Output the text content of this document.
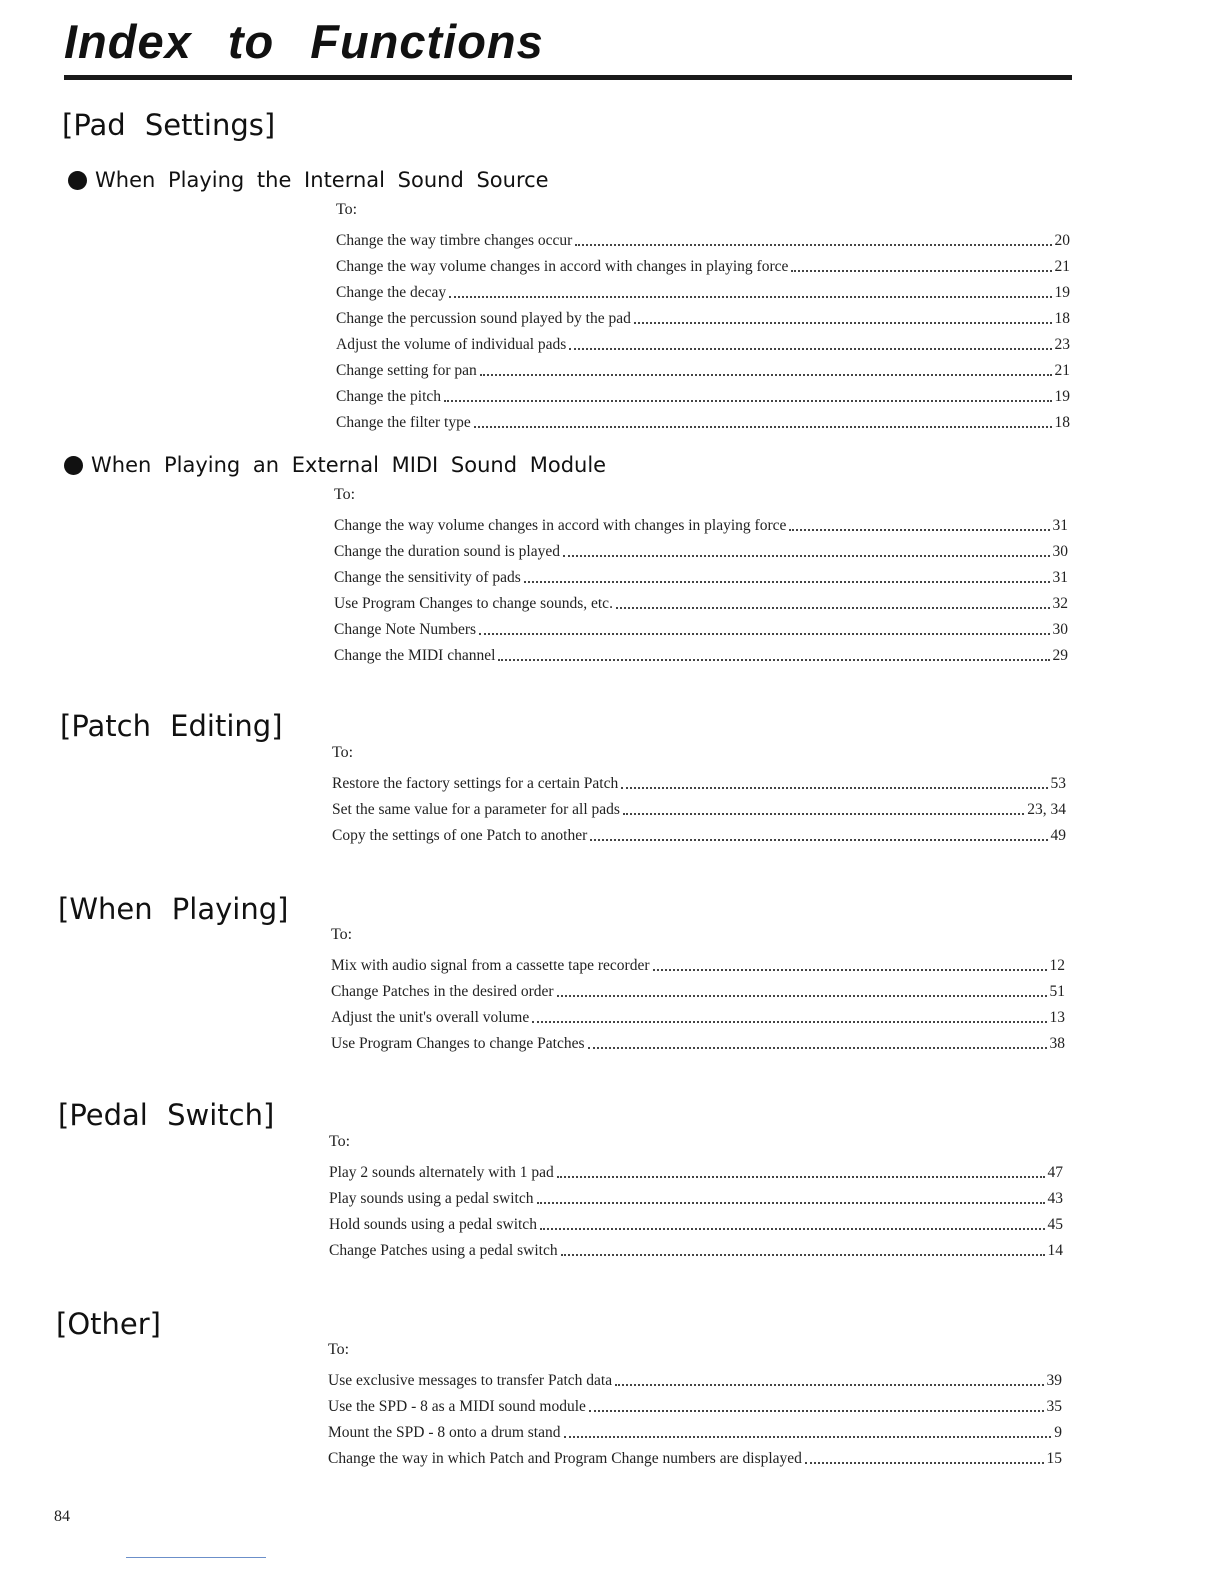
Index to Functions
[Pad Settings]
When Playing the Internal Sound Source
To:
Change the way timbre changes occur	20
Change the way volume changes in accord with changes in playing force	21
Change the decay	19
Change the percussion sound played by the pad	18
Adjust the volume of individual pads	23
Change setting for pan	21
Change the pitch	19
Change the filter type	18
When Playing an External MIDI Sound Module
To:
Change the way volume changes in accord with changes in playing force	31
Change the duration sound is played	30
Change the sensitivity of pads	31
Use Program Changes to change sounds, etc.	32
Change Note Numbers	30
Change the MIDI channel	29
[Patch Editing]
To:
Restore the factory settings for a certain Patch	53
Set the same value for a parameter for all pads	23, 34
Copy the settings of one Patch to another	49
[When Playing]
To:
Mix with audio signal from a cassette tape recorder	12
Change Patches in the desired order	51
Adjust the unit's overall volume	13
Use Program Changes to change Patches	38
[Pedal Switch]
To:
Play 2 sounds alternately with 1 pad	47
Play sounds using a pedal switch	43
Hold sounds using a pedal switch	45
Change Patches using a pedal switch	14
[Other]
To:
Use exclusive messages to transfer Patch data	39
Use the SPD - 8 as a MIDI sound module	35
Mount the SPD - 8 onto a drum stand	9
Change the way in which Patch and Program Change numbers are displayed	15
84
